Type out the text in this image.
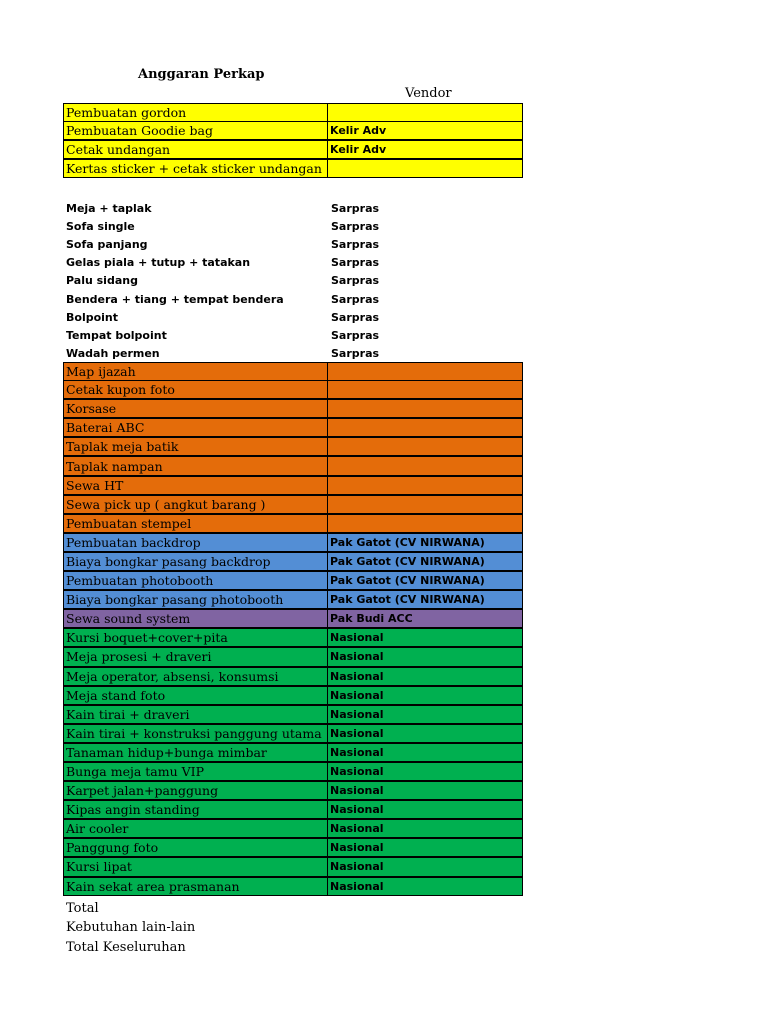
Anggaran Perkap
Vendor
Pembuatan gordon
Pembuatan Goodie bag	Kelir Adv
Cetak undangan	Kelir Adv
Kertas sticker + cetak sticker undangan
Meja + taplak	Sarpras
Sofa single	Sarpras
Sofa panjang	Sarpras
Gelas piala + tutup + tatakan	Sarpras
Palu sidang	Sarpras
Bendera + tiang + tempat bendera	Sarpras
Bolpoint	Sarpras
Tempat bolpoint	Sarpras
Wadah permen	Sarpras
Map ijazah
Cetak kupon foto
Korsase
Baterai ABC
Taplak meja batik
Taplak nampan
Sewa HT
Sewa pick up ( angkut barang )
Pembuatan stempel
Pembuatan backdrop	Pak Gatot (CV NIRWANA)
Biaya bongkar pasang backdrop	Pak Gatot (CV NIRWANA)
Pembuatan photobooth	Pak Gatot (CV NIRWANA)
Biaya bongkar pasang photobooth	Pak Gatot (CV NIRWANA)
Sewa sound system	Pak Budi ACC
Kursi boquet+cover+pita	Nasional
Meja prosesi + draveri	Nasional
Meja operator, absensi, konsumsi	Nasional
Meja stand foto	Nasional
Kain tirai + draveri	Nasional
Kain tirai + konstruksi panggung utama Nasional
Tanaman hidup+bunga mimbar	Nasional
Bunga meja tamu VIP	Nasional
Karpet jalan+panggung	Nasional
Kipas angin standing	Nasional
Air cooler	Nasional
Panggung foto	Nasional
Kursi lipat	Nasional
Kain sekat area prasmanan	Nasional
Total
Kebutuhan lain-lain
Total Keseluruhan
